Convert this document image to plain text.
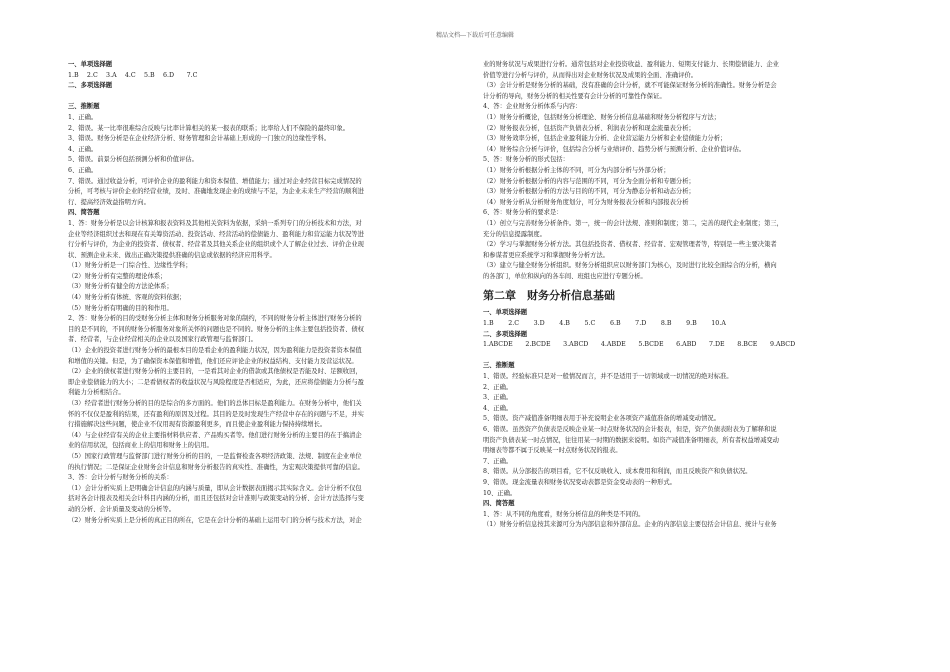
精品文档---下载后可任意编辑
一、单项选择题
1.B　 2.C　 3.A　 4.C　 5.B　 6.D　　7.C
二、多项选择题
三、推断题
1、正确。
2、错误。某一比率很难综合反映与比率计算相关的某一报表的联系；比率给人们不保险的最终印象。
3、错误。财务分析是在企业经济分析、财务管理和会计基础上形成的一门独立的边缘性学科。
4、正确。
5、错误。前景分析包括预测分析和价值评估。
6、正确。
7、错误。通过收益分析，可评价企业的盈利能力和资本保值、增值能力；通过对企业经营目标完成情况的
分析，可考核与评价企业的经营业绩，及时、准确地发现企业的成绩与不足，为企业未来生产经营的顺利进
行、提高经济效益指明方向。
四、简答题
1、答：财务分析是以会计核算和报表资料及其他相关资料为依据，采纳一系列专门的分析技术和方法，对
企业等经济组织过去和现在有关筹资活动、投资活动、经营活动的偿债能力、盈利能力和营运能力状况等进
行分析与评价，为企业的投资者、债权者、经营者及其他关系企业的组织或个人了解企业过去、评价企业现
状、预测企业未来、做出正确决策提供准确的信息或依据的经济应用科学。
（1）财务分析是一门综合性、边缘性学科；
（2）财务分析有完整的理论体系；
（3）财务分析有健全的方法论体系；
（4）财务分析有体统、客观的资料依据；
（5）财务分析有明确的目的和作用。
2、答：财务分析的目的受财务分析主体和财务分析服务对象的制约，不同的财务分析主体进行财务分析的
目的是不同的，不同的财务分析服务对象所关怀的问题也是不同的。财务分析的主体主要包括投资者、债权
者、经营者，与企业经营相关的企业以及国家行政管理与监督部门。
（1）企业的投资者进行财务分析的最根本目的是看企业的盈利能力状况，因为盈利能力是投资者资本保值
和增值的关键。但是，为了确保资本保值和增值，他们还应评论企业的权益结构、支付能力及营运状况。
（2）企业的债权者进行财务分析的主要目的，一是看其对企业的借款或其他债权是否能及时、足额收回，
即企业偿债能力的大小；二是看债权者的收益状况与风险程度是否相适应，为此，还应将偿债能力分析与盈
利能力分析相结合。
（3）经营者进行财务分析的目的是综合的多方面的。他们的总体目标是盈利能力。在财务分析中，他们关
怀的不仅仅是盈利的结果，还有盈利的原因及过程。其目的是及时发现生产经营中存在的问题与不足，并实
行措施解决这些问题，使企业不仅用现有资源盈利更多，而且使企业盈利能力保持持续增长。
（4）与企业经营有关的企业主要指材料供应者、产品购买者等。他们进行财务分析的主要目的在于搞清企
业的信用状况，包括商业上的信用和财务上的信用。
（5）国家行政管理与监督部门进行财务分析的目的，一是监督检查各项经济政策、法规、制度在企业单位
的执行情况；二是保证企业财务会计信息和财务分析报告的真实性、准确性，为宏观决策提供可靠的信息。
3、答：会计分析与财务分析的关系：
（1）会计分析实质上是明确会计信息的内涵与质量，即从会计数据表面揭示其实际含义。会计分析不仅包
括对各会计报表及相关会计科目内涵的分析，而且还包括对会计准则与政策变动的分析、会计方法选择与变
动的分析、会计质量及变动的分析等。
（2）财务分析实质上是分析的真正目的所在，它是在会计分析的基础上运用专门的分析与技术方法，对企
业的财务状况与成果进行分析。通常包括对企业投资收益、盈利能力、短期支付能力、长期偿债能力、企业
价值等进行分析与评价，从而得出对企业财务状况及成果的全面、准确评价。
（3）会计分析是财务分析的基础，没有准确的会计分析，就不可能保证财务分析的准确性。财务分析是会
计分析的导向，财务分析的相关性要有会计分析的可靠性作保证。
4、答：企业财务分析体系与内容：
（1）财务分析概论，包括财务分析理论、财务分析信息基础和财务分析程序与方法；
（2）财务报表分析，包括资产负债表分析、利润表分析和现金流量表分析；
（3）财务效率分析，包括企业盈利能力分析、企业营运能力分析和企业偿债能力分析；
（4）财务综合分析与评价，包括综合分析与业绩评价、趋势分析与预测分析、企业价值评估。
5、答：财务分析的形式包括：
（1）财务分析根据分析主体的不同，可分为内部分析与外部分析；
（2）财务分析根据分析的内容与范围的不同，可分为全面分析和专题分析；
（3）财务分析根据分析的方法与目的的不同，可分为静态分析和动态分析；
（4）财务分析从分析财务角度划分，可分为财务报表分析和内部报表分析
6、答：财务分析的要求是：
（1）创立与完善财务分析条件。第一，统一的会计法规、准则和制度；第二，完善的现代企业制度；第三，
充分的信息提露制度。
（2）学习与掌握财务分析方法。其包括投资者、借权者、经营者、宏观管理者等，特别是一些主要决策者
和参谋者更应系统学习和掌握财务分析方法。
（3）建立与健全财务分析组织。财务分析组织应以财务部门为核心，及时进行比较全面综合的分析，横向
的各部门，单位和纵向的各车间、班组也应进行专题分析。
第二章　财务分析信息基础
一、单项选择题
1.B　 　2.C　 　3.D　 　4.B　 　5.C　 　6.B　 　7.D　 　8.B　 　9.B　 　10.A
二、多项选择题
1.ABCDE　　2.BCDE　　3.ABCD　　4.ABDE　　5.BCDE　　6.ABD　　7.DE　　8.BCE　　9.ABCD
三、推断题
1、错误。经验标准只是对一般情况而言，并不是适用于一切领域或一切情况的绝对标准。
2、正确。
3、正确。
4、正确。
5、错误。资产减值准备明细表用于补充说明企业各项资产减值准备的增减变动情况。
6、错误。虽然资产负债表是反映企业某一时点财务状况的会计报表，但是，资产负债表附表为了解释和说
明资产负债表某一时点情况，往往用某一时期的数据来说明。如资产减值准备明细表，所有者权益增减变动
明细表等都不属于反映某一时点财务状况的报表。
7、正确。
8、错误。从分部报告的项目看，它不仅反映收入、成本费用和利润，而且反映资产和负债状况。
9、错误。现金流量表和财务状况变动表都是资金变动表的一种形式。
10、正确。
四、简答题
1、答：从不同的角度看，财务分析信息的种类是不同的。
（1）财务分析信息按其来源可分为内部信息和外部信息。企业的内部信息主要包括会计信息、统计与业务
